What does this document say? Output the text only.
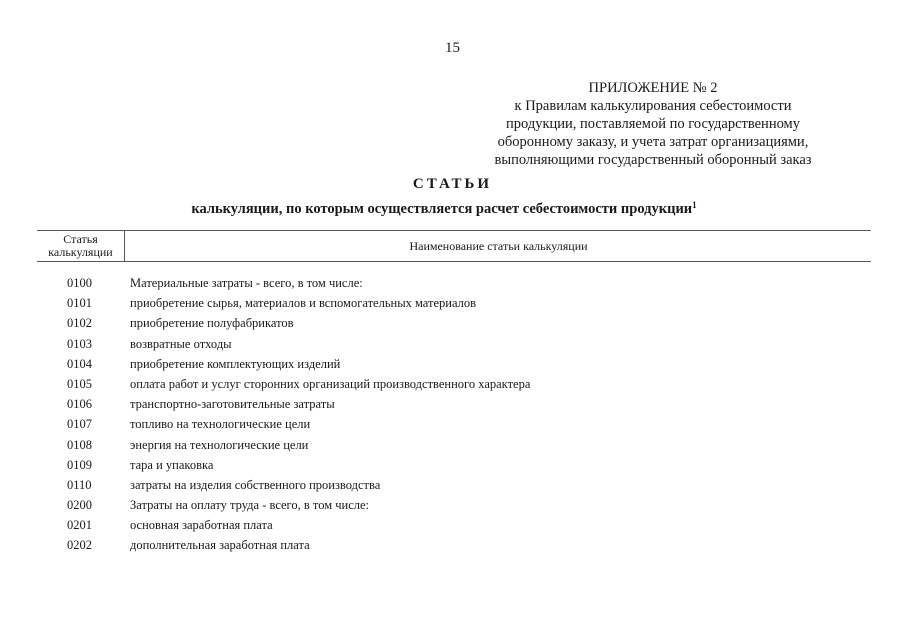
15
ПРИЛОЖЕНИЕ № 2
к Правилам калькулирования себестоимости
продукции, поставляемой по государственному
оборонному заказу, и учета затрат организациями,
выполняющими государственный оборонный заказ
СТАТЬИ
калькуляции, по которым осуществляется расчет себестоимости продукции$^1$
Статья
калькуляции	Наименование статьи калькуляции
0100	Материальные затраты - всего, в том числе:
0101	приобретение сырья, материалов и вспомогательных материалов
0102	приобретение полуфабрикатов
0103	возвратные отходы
0104	приобретение комплектующих изделий
0105	оплата работ и услуг сторонних организаций производственного характера
0106	транспортно-заготовительные затраты
0107	топливо на технологические цели
0108	энергия на технологические цели
0109	тара и упаковка
0110	затраты на изделия собственного производства
0200	Затраты на оплату труда - всего, в том числе:
0201	основная заработная плата
0202	дополнительная заработная плата
